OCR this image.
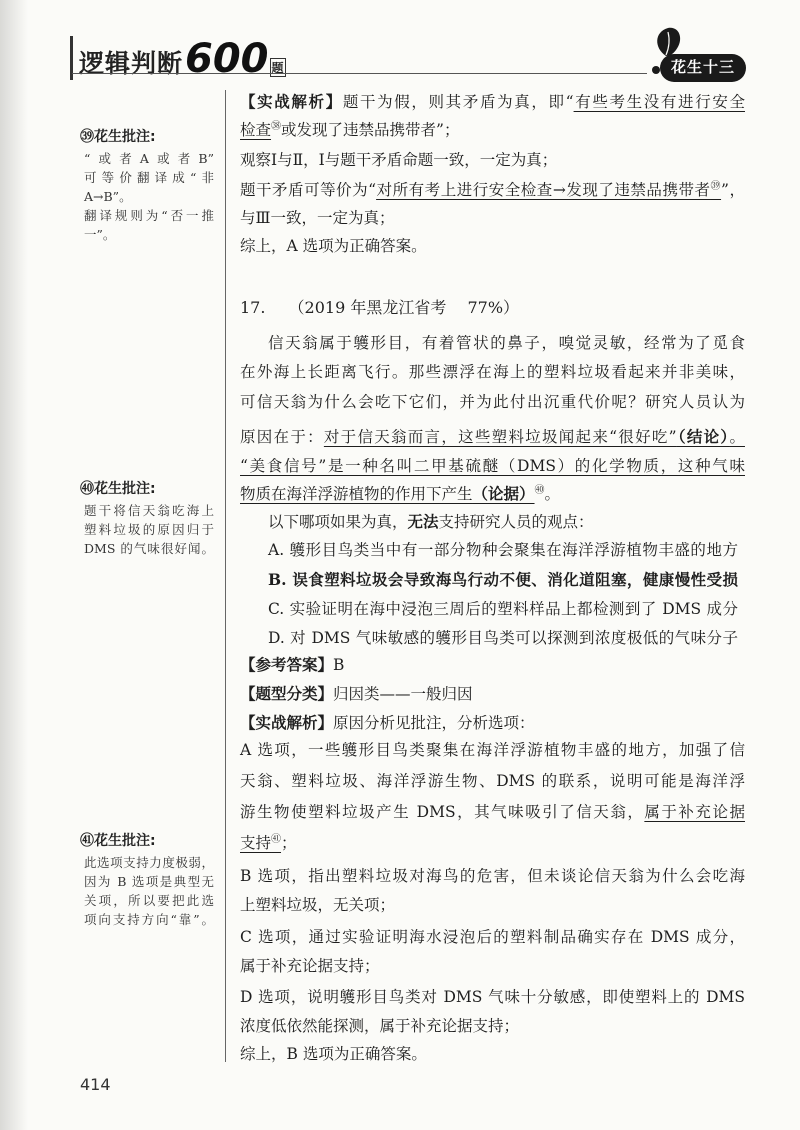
逻辑判断 600 题	花生十三
㊴花生批注:
“或者A或者B”
可等价翻译成“非
A→B”。
翻译规则为“否一推
一”。
㊵花生批注:
题干将信天翁吃海上
塑料垃圾的原因归于
DMS 的气味很好闻。
㊶花生批注:
此选项支持力度极弱，
因为 B 选项是典型无
关项，所以要把此选
项向支持方向“靠”。
【实战解析】题干为假，则其矛盾为真，即“有些考生没有进行安全
检查$^㊳$或发现了违禁品携带者”；
观察Ⅰ与Ⅱ，Ⅰ与题干矛盾命题一致，一定为真；
题干矛盾可等价为“对所有考上进行安全检查→发现了违禁品携带者$^㊴$”，
与Ⅲ一致，一定为真；
综上，A 选项为正确答案。
17. （2019 年黑龙江省考 77%）
信天翁属于鹱形目，有着管状的鼻子，嗅觉灵敏，经常为了觅食
在外海上长距离飞行。那些漂浮在海上的塑料垃圾看起来并非美味，
可信天翁为什么会吃下它们，并为此付出沉重代价呢？研究人员认为
原因在于：对于信天翁而言，这些塑料垃圾闻起来“很好吃”（结论）。
“美食信号”是一种名叫二甲基硫醚（DMS）的化学物质，这种气味
物质在海洋浮游植物的作用下产生（论据）$^㊵$。
以下哪项如果为真，无法支持研究人员的观点：
A. 鹱形目鸟类当中有一部分物种会聚集在海洋浮游植物丰盛的地方
B. 误食塑料垃圾会导致海鸟行动不便、消化道阻塞，健康慢性受损
C. 实验证明在海中浸泡三周后的塑料样品上都检测到了 DMS 成分
D. 对 DMS 气味敏感的鹱形目鸟类可以探测到浓度极低的气味分子
【参考答案】B
【题型分类】归因类——一般归因
【实战解析】原因分析见批注，分析选项：
A 选项，一些鹱形目鸟类聚集在海洋浮游植物丰盛的地方，加强了信
天翁、塑料垃圾、海洋浮游生物、DMS 的联系，说明可能是海洋浮
游生物使塑料垃圾产生 DMS，其气味吸引了信天翁，属于补充论据
支持$^㊶$；
B 选项，指出塑料垃圾对海鸟的危害，但未谈论信天翁为什么会吃海
上塑料垃圾，无关项；
C 选项，通过实验证明海水浸泡后的塑料制品确实存在 DMS 成分，
属于补充论据支持；
D 选项，说明鹱形目鸟类对 DMS 气味十分敏感，即使塑料上的 DMS
浓度低依然能探测，属于补充论据支持；
综上，B 选项为正确答案。
414
